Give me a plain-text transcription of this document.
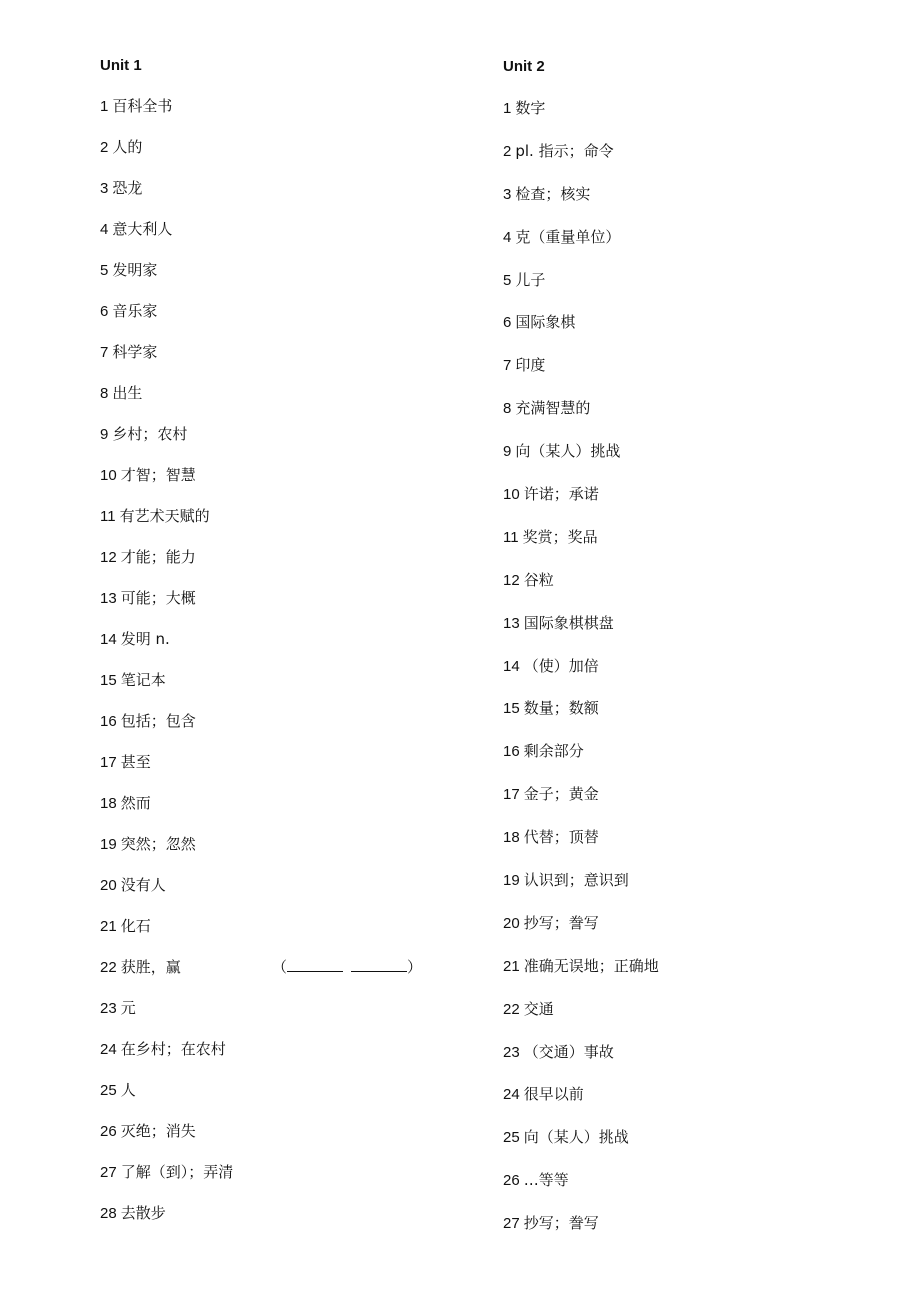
Unit 1
1 百科全书
2 人的
3 恐龙
4 意大利人
5 发明家
6 音乐家
7 科学家
8 出生
9 乡村；农村
10 才智；智慧
11 有艺术天赋的
12 才能；能力
13 可能；大概
14 发明 n.
15 笔记本
16 包括；包含
17 甚至
18 然而
19 突然；忽然
20 没有人
21 化石
22 获胜，赢	（	）
23 元
24 在乡村；在农村
25 人
26 灭绝；消失
27 了解（到）；弄清
28 去散步
Unit 2
1 数字
2 pl. 指示；命令
3 检查；核实
4 克（重量单位）
5 儿子
6 国际象棋
7 印度
8 充满智慧的
9 向（某人）挑战
10 许诺；承诺
11 奖赏；奖品
12 谷粒
13 国际象棋棋盘
14 （使）加倍
15 数量；数额
16 剩余部分
17 金子；黄金
18 代替；顶替
19 认识到；意识到
20 抄写；誊写
21 准确无误地；正确地
22 交通
23 （交通）事故
24 很早以前
25 向（某人）挑战
26 …等等
27 抄写；誊写
